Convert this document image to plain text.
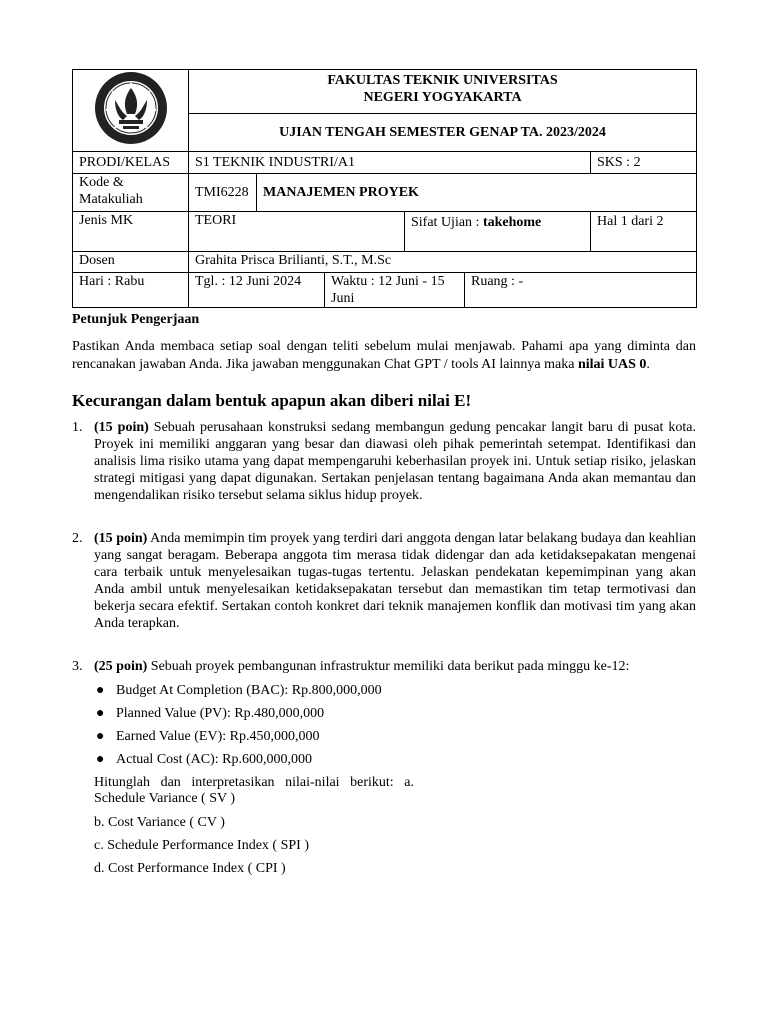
FAKULTAS TEKNIK UNIVERSITAS
NEGERI YOGYAKARTA					

	UJIAN TENGAH SEMESTER GENAP TA. 2023/2024					
PRODI/KELAS	S1 TEKNIK INDUSTRI/A1					SKS : 2
Kode & Matakuliah	TMI6228	MANAJEMEN PROYEK				
Jenis MK	TEORI			Sifat Ujian : takehome		Hal 1 dari 2
Dosen	Grahita Prisca Brilianti, S.T., M.Sc					
Hari : Rabu	Tgl. : 12 Juni 2024		Waktu : 12 Juni - 15 Juni		Ruang : -	
Petunjuk Pengerjaan

Pastikan Anda membaca setiap soal dengan teliti sebelum mulai menjawab. Pahami apa yang diminta dan rencanakan jawaban Anda. Jika jawaban menggunakan Chat GPT / tools AI lainnya maka nilai UAS 0.

Kecurangan dalam bentuk apapun akan diberi nilai E!
1. (15 poin) Sebuah perusahaan konstruksi sedang membangun gedung pencakar langit baru di pusat kota. Proyek ini memiliki anggaran yang besar dan diawasi oleh pihak pemerintah setempat. Identifikasi dan analisis lima risiko utama yang dapat mempengaruhi keberhasilan proyek ini. Untuk setiap risiko, jelaskan strategi mitigasi yang dapat digunakan. Sertakan penjelasan tentang bagaimana Anda akan memantau dan mengendalikan risiko tersebut selama siklus hidup proyek.
2. (15 poin) Anda memimpin tim proyek yang terdiri dari anggota dengan latar belakang budaya dan keahlian yang sangat beragam. Beberapa anggota tim merasa tidak didengar dan ada ketidaksepakatan mengenai cara terbaik untuk menyelesaikan tugas-tugas tertentu. Jelaskan pendekatan kepemimpinan yang akan Anda ambil untuk menyelesaikan ketidaksepakatan tersebut dan memastikan tim tetap termotivasi dan bekerja secara efektif. Sertakan contoh konkret dari teknik manajemen konflik dan motivasi tim yang akan Anda terapkan.
3. (25 poin) Sebuah proyek pembangunan infrastruktur memiliki data berikut pada minggu ke-12:
● Budget At Completion (BAC): Rp.800,000,000
● Planned Value (PV): Rp.480,000,000
● Earned Value (EV): Rp.450,000,000
● Actual Cost (AC): Rp.600,000,000

Hitunglah dan interpretasikan nilai-nilai berikut: a. Schedule Variance ( SV )

b. Cost Variance ( CV )
c. Schedule Performance Index ( SPI )
d. Cost Performance Index ( CPI )
